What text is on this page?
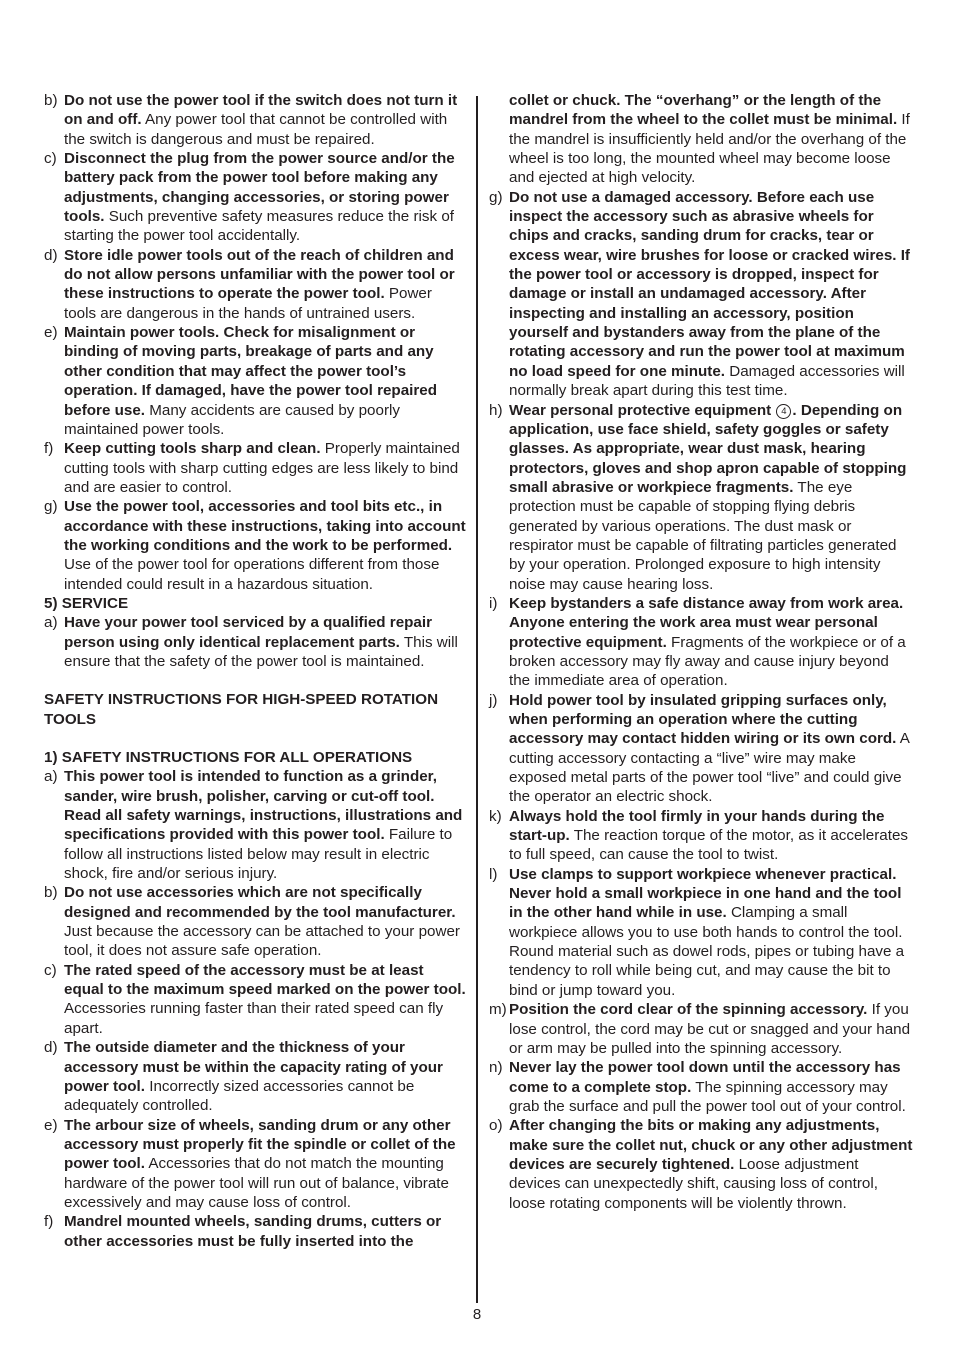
b) Do not use the power tool if the switch does not turn it on and off. Any power tool that cannot be controlled with the switch is dangerous and must be repaired.
c) Disconnect the plug from the power source and/or the battery pack from the power tool before making any adjustments, changing accessories, or storing power tools. Such preventive safety measures reduce the risk of starting the power tool accidentally.
d) Store idle power tools out of the reach of children and do not allow persons unfamiliar with the power tool or these instructions to operate the power tool. Power tools are dangerous in the hands of untrained users.
e) Maintain power tools. Check for misalignment or binding of moving parts, breakage of parts and any other condition that may affect the power tool’s operation. If damaged, have the power tool repaired before use. Many accidents are caused by poorly maintained power tools.
f) Keep cutting tools sharp and clean. Properly maintained cutting tools with sharp cutting edges are less likely to bind and are easier to control.
g) Use the power tool, accessories and tool bits etc., in accordance with these instructions, taking into account the working conditions and the work to be performed. Use of the power tool for operations different from those intended could result in a hazardous situation.
5) SERVICE
a) Have your power tool serviced by a qualified repair person using only identical replacement parts. This will ensure that the safety of the power tool is maintained.
SAFETY INSTRUCTIONS FOR HIGH-SPEED ROTATION TOOLS
1) SAFETY INSTRUCTIONS FOR ALL OPERATIONS
a) This power tool is intended to function as a grinder, sander, wire brush, polisher, carving or cut-off tool. Read all safety warnings, instructions, illustrations and specifications provided with this power tool. Failure to follow all instructions listed below may result in electric shock, fire and/or serious injury.
b) Do not use accessories which are not specifically designed and recommended by the tool manufacturer. Just because the accessory can be attached to your power tool, it does not assure safe operation.
c) The rated speed of the accessory must be at least equal to the maximum speed marked on the power tool. Accessories running faster than their rated speed can fly apart.
d) The outside diameter and the thickness of your accessory must be within the capacity rating of your power tool. Incorrectly sized accessories cannot be adequately controlled.
e) The arbour size of wheels, sanding drum or any other accessory must properly fit the spindle or collet of the power tool. Accessories that do not match the mounting hardware of the power tool will run out of balance, vibrate excessively and may cause loss of control.
f) Mandrel mounted wheels, sanding drums, cutters or other accessories must be fully inserted into the
collet or chuck. The “overhang” or the length of the mandrel from the wheel to the collet must be minimal. If the mandrel is insufficiently held and/or the overhang of the wheel is too long, the mounted wheel may become loose and ejected at high velocity.
g) Do not use a damaged accessory. Before each use inspect the accessory such as abrasive wheels for chips and cracks, sanding drum for cracks, tear or excess wear, wire brushes for loose or cracked wires. If the power tool or accessory is dropped, inspect for damage or install an undamaged accessory. After inspecting and installing an accessory, position yourself and bystanders away from the plane of the rotating accessory and run the power tool at maximum no load speed for one minute. Damaged accessories will normally break apart during this test time.
h) Wear personal protective equipment 4 . Depending on application, use face shield, safety goggles or safety glasses. As appropriate, wear dust mask, hearing protectors, gloves and shop apron capable of stopping small abrasive or workpiece fragments. The eye protection must be capable of stopping flying debris generated by various operations. The dust mask or respirator must be capable of filtrating particles generated by your operation. Prolonged exposure to high intensity noise may cause hearing loss.
i) Keep bystanders a safe distance away from work area. Anyone entering the work area must wear personal protective equipment. Fragments of the workpiece or of a broken accessory may fly away and cause injury beyond the immediate area of operation.
j) Hold power tool by insulated gripping surfaces only, when performing an operation where the cutting accessory may contact hidden wiring or its own cord. A cutting accessory contacting a “live” wire may make exposed metal parts of the power tool “live” and could give the operator an electric shock.
k) Always hold the tool firmly in your hands during the start-up. The reaction torque of the motor, as it accelerates to full speed, can cause the tool to twist.
l) Use clamps to support workpiece whenever practical. Never hold a small workpiece in one hand and the tool in the other hand while in use. Clamping a small workpiece allows you to use both hands to control the tool. Round material such as dowel rods, pipes or tubing have a tendency to roll while being cut, and may cause the bit to bind or jump toward you.
m) Position the cord clear of the spinning accessory. If you lose control, the cord may be cut or snagged and your hand or arm may be pulled into the spinning accessory.
n) Never lay the power tool down until the accessory has come to a complete stop. The spinning accessory may grab the surface and pull the power tool out of your control.
o) After changing the bits or making any adjustments, make sure the collet nut, chuck or any other adjustment devices are securely tightened. Loose adjustment devices can unexpectedly shift, causing loss of control, loose rotating components will be violently thrown.
8
